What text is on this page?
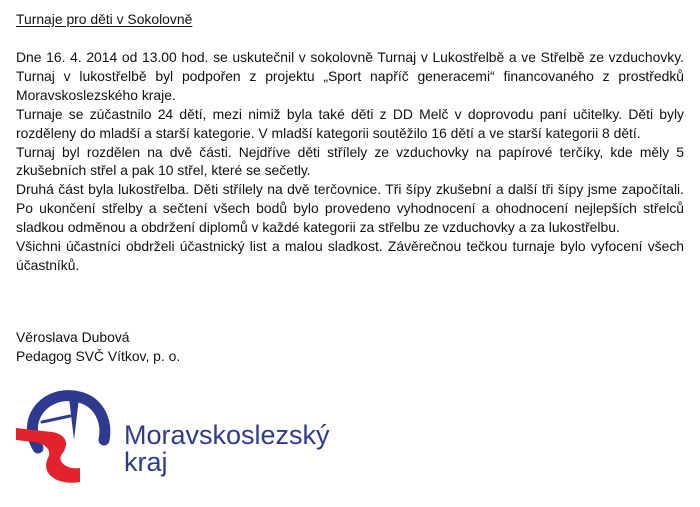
Turnaje pro děti v Sokolovně

Dne 16. 4. 2014 od 13.00 hod. se uskutečnil v sokolovně Turnaj v Lukostřelbě a ve Střelbě ze vzduchovky. Turnaj v lukostřelbě byl podpořen z projektu „Sport napříč generacemi“ financovaného z prostředků Moravskoslezského kraje.

Turnaje se zúčastnilo 24 dětí, mezi nimiž byla také děti z DD Melč v doprovodu paní učitelky. Děti byly rozděleny do mladší a starší kategorie. V mladší kategorii soutěžilo 16 dětí a ve starší kategorii 8 dětí.

Turnaj byl rozdělen na dvě části. Nejdříve děti střílely ze vzduchovky na papírové terčíky, kde měly 5 zkušebních střel a pak 10 střel, které se sečetly.

Druhá část byla lukostřelba. Děti střílely na dvě terčovnice. Tři šípy zkušební a další tři šípy jsme započítali. Po ukončení střelby a sečtení všech bodů bylo provedeno vyhodnocení a ohodnocení nejlepších střelců sladkou odměnou a obdržení diplomů v každé kategorii za střelbu ze vzduchovky a za lukostřelbu.

Všichni účastníci obdrželi účastnický list a malou sladkost. Závěrečnou tečkou turnaje bylo vyfocení všech účastníků.

Věroslava Dubová
Pedagog SVČ Vítkov, p. o.
Moravskoslezský
kraj
